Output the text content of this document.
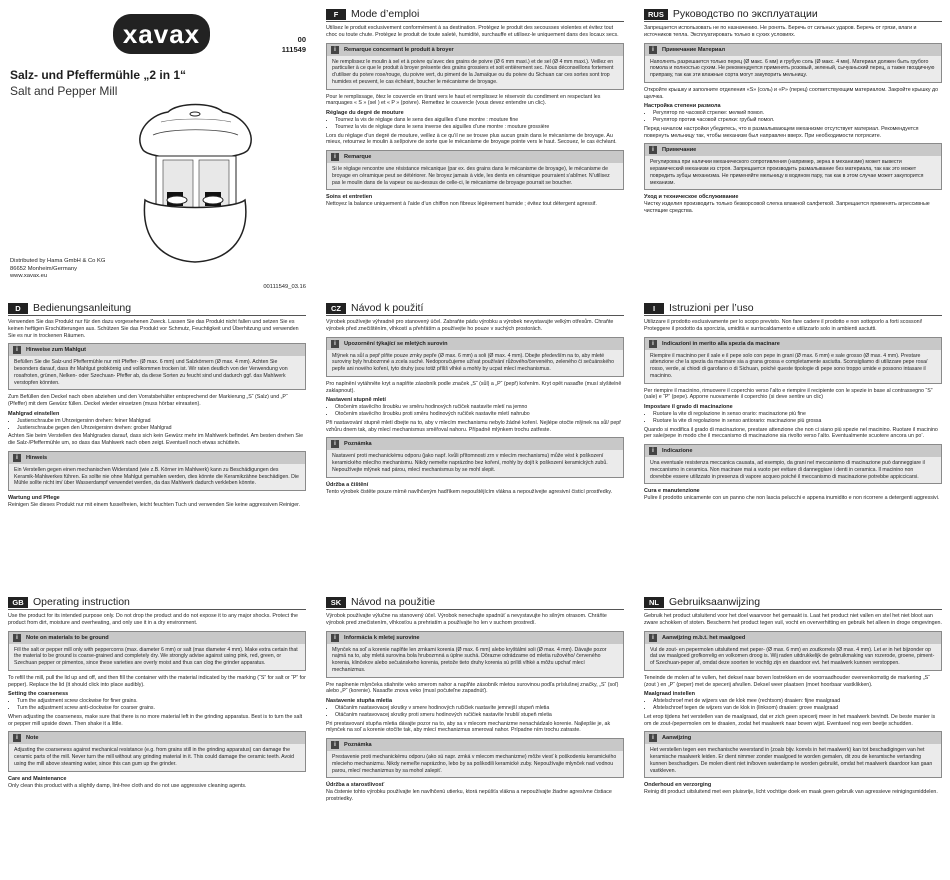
xavax	00
111549
Salz- und Pfeffermühle „2 in 1“
Salt and Pepper Mill
Distributed by Hama GmbH & Co KG
86652 Monheim/Germany
www.xavax.eu
00111549_03.16
F	Mode d’emploi

Utilisez le produit exclusivement conformément à sa destination. Protégez le produit des secousses violentes et évitez tout choc ou toute chute. Protégez le produit de toute saleté, humidité, surchauffe et utilisez-le uniquement dans des locaux secs.

i	Remarque concernant le produit à broyer
Ne remplissez le moulin à sel et à poivre qu’avec des grains de poivre (Ø 6 mm maxi.) et de sel (Ø 4 mm maxi.). Veillez en particulier à ce que le produit à broyer présente des grains grossiers et soit entièrement sec. Nous déconseillons fortement d’utiliser du poivre rose/rouge, du poivre vert, du piment de la Jamaïque ou du poivre du Sichuan car ces sortes sont trop humides et peuvent, le cas échéant, boucher le mécanisme de broyage.

Pour le remplissage, ôtez le couvercle en tirant vers le haut et remplissez le réservoir du condiment en respectant les marquages « S » (sel ) et « P » (poivre). Remettez le couvercle (vous devez entendre un clic).

Réglage du degré de mouture
• Tournez la vis de réglage dans le sens des aiguilles d’une montre : mouture fine
• Tournez la vis de réglage dans le sens inverse des aiguilles d’une montre : mouture grossière

Lors du réglage d’un degré de mouture, veillez à ce qu’il ne se trouve plus aucun grain dans le mécanisme de broyage. Au mieux, retournez le moulin à sel/poivre de sorte que le mécanisme de broyage pointe vers le haut. Secouez, le cas échéant.

i	Remarque
Si le réglage rencontre une résistance mécanique (par ex. des grains dans le mécanisme de broyage), le mécanisme de broyage en céramique peut se détériorer. Ne broyez jamais à vide, les dents en céramique pourraient s’abîmer. N’utilisez pas le moulin dans de la vapeur ou au-dessus de celle-ci, le mécanisme de broyage pourrait se boucher.
Soins et entretien

Nettoyez la balance uniquement à l’aide d’un chiffon non fibreux légèrement humide ; évitez tout détergent agressif.

RUS Руководство по эксплуатации

Запрещается использовать не по назначению. Не ронять. Беречь от сильных ударов. Беречь от грязи, влаги и источников тепла. Эксплуатировать только в сухих условиях.

i	Примечание Материал
Наполнять разрешается только перец (Ø макс. 6 мм) и грубую соль (Ø макс. 4 мм). Материал должен быть грубого помола и полностью сухим. Не рекомендуется применять розовый, зеленый, сычуаньский перец, а также гвоздичную приправу, так как эти влажные сорта могут закупорить мельницу.

Откройте крышку и заполните отделения «S» (соль) и «P» (перец) соответствующим материалом. Закройте крышку до щелчка.

Настройка степени размола
• Регулятор по часовой стрелке: мелкий помол.
• Регулятор против часовой стрелки: грубый помол.

Перед началом настройки убедитесь, что в размалывающем механизме отсутствует материал. Рекомендуется повернуть мельницу так, чтобы механизм был направлен вверх. При необходимости потрясите.

i	Примечание
Регулировка при наличии механического сопротивления (например, зерна в механизме) может вывести керамический механизм из строя. Запрещается производить размалывание без материала, так как это может повредить зубцы механизма. Не применяйте мельницу в водяном пару, так как в этом случае может закупорится механизм.
Уход и техническое обслуживание

Чистку изделия производить только безворсовой слегка влажной салфеткой. Запрещается применять агрессивные чистящие средства.

D	Bedienungsanleitung

Verwenden Sie das Produkt nur für den dazu vorgesehenen Zweck. Lassen Sie das Produkt nicht fallen und setzen Sie es keinen heftigen Erschütterungen aus. Schützen Sie das Produkt vor Schmutz, Feuchtigkeit und Überhitzung und verwenden Sie es nur in trockenen Räumen.

i	Hinweise zum Mahlgut
Befüllen Sie die Salz-und Pfeffermühle nur mit Pfeffer- (Ø max. 6 mm) und Salzkörnern (Ø max. 4 mm). Achten Sie besonders darauf, dass ihr Mahlgut grobkörnig und vollkommen trocken ist. Wir raten deutlich von der Verwendung von rosafroten, grünen, Nelken- oder Szechuan- Pfeffer ab, da diese Sorten zu feucht sind und dadurch ggf. das Mahlwerk verstopfen könnten.

Zum Befüllen den Deckel nach oben abziehen und den Vorratsbehälter entsprechend der Markierung „S“ (Salz) und „P“ (Pfeffer) mit dem Gewürz füllen. Deckel wieder einsetzen (muss hörbar einrasten).

Mahlgrad einstellen
• Justierschraube im Uhrzeigersinn drehen: feiner Mahlgrad
• Justierschraube gegen den Uhrzeigersinn drehen: grober Mahlgrad

Achten Sie beim Verstellen des Mahlgrades darauf, dass sich kein Gewürz mehr im Mahlwerk befindet. Am besten drehen Sie die Salz-/Pfeffermühle um, so dass das Mahlwerk nach oben zeigt. Eventuell noch etwas schütteln.

i	Hinweis
Ein Verstellen gegen einen mechanischen Widerstand (wie z.B. Körner im Mahlwerk) kann zu Beschädigungen des Keramik-Mahlwerkes führen. Es sollte nie ohne Mahlgut gemahlen werden, dies könnte die Keramikzähne beschädigen. Die Mühle sollte nicht im/ über Wasserdampf verwendet werden, da das Mahlwerk dadurch verkleben könnte.
Wartung und Pflege

Reinigen Sie dieses Produkt nur mit einem fusselfreien, leicht feuchten Tuch und verwenden Sie keine aggressiven Reiniger.

CZ Návod k použití

Výrobek používejte výhradně pro stanovený účel. Zabraňte pádu výrobku a výrobek nevystavujte velkým otřesům. Chraňte výrobek před znečištěním, vlhkostí a přehřátím a používejte ho pouze v suchých prostorách.

i	Upozornění týkající se mletých surovin
Mlýnek na sůl a pepř plňte pouze zrnky pepře (Ø max. 6 mm) a soli (Ø max. 4 mm). Dbejte především na to, aby mleté suroviny byly hrubozrnné a zcela suché. Nedoporučujeme užívat používání růžového/červeného, zeleného či sečuánského pepře ani nového koření, tyto druhy jsou totiž příliš vlhké a mohly by ucpat mlecí mechanismus.

Pro naplnění vytáhněte kryt a naplňte zásobník podle značek „S“ (sůl) a „P“ (pepř) kořením. Kryt opět nasaďte (musí slyšitelně zaklapnout).

Nastavení stupně mletí
• Otočením stavěcího šroubku ve směru hodinových ručiček nastavíte mletí na jemno
• Otočením stavěcího šroubku proti směru hodinových ručiček nastavíte mletí nahrubo

Při nastavování stupně mletí dbejte na to, aby v mlecím mechanismu nebylo žádné koření. Nejlépe otočte mlýnek na sůl/ pepř vzhůru dnem tak, aby mlecí mechanismus směřoval nahoru. Případně mlýnkem trochu zatřeste.

i	Poznámka
Nastavení proti mechanickému odporu (jako např. kvůli přítomnosti zrn v mlecím mechanismu) může vést k poškození keramického mlecího mechanismu. Nikdy nemelte naprázdno bez koření, mohly by dojít k poškození keramických zubů. Nepoužívejte mlýnek nad párou, mlecí mechanismus by se mohl slepit.
Údržba a čištění

Tento výrobek čistěte pouze mírně navlhčeným hadříkem nepouštějícím vlákna a nepoužívejte agresivní čisticí prostředky.

I	Istruzioni per l’uso

Utilizzare il prodotto esclusivamente per lo scopo previsto. Non fare cadere il prodotto e non sottoporlo a forti scossoni! Proteggere il prodotto da sporcizia, umidità e surriscaldamento e utilizzarlo solo in ambienti asciutti.

i	Indicazioni in merito alla spezia da macinare
Riempire il macinino per il sale e il pepe solo con pepe in grani (Ø max. 6 mm) e sale grosso (Ø max. 4 mm). Prestare attenzione che la spezia da macinare sia a grana grossa e completamente asciutta. Sconsigliamo di utilizzare pepe rosa/ rosso, verde, ai chiodi di garofano o di Sichuan, poiché queste tipologie di pepe sono troppo umide e possono intasare il macinino.

Per riempire il macinino, rimuovere il coperchio verso l’alto e riempire il recipiente con le spezie in base al contrassegno “S” (sale) e “P” (pepe). Apporre nuovamente il coperchio (si deve sentire un clic)

Impostare il grado di macinazione
• Ruotare la vite di regolazione in senso orario: macinazione più fine
• Ruotare la vite di regolazione in senso antiorario: macinazione più grossa

Quando si modifica il grado di macinazione, prestare attenzione che non ci siano più spezie nel macinino. Ruotare il macinino per sale/pepe in modo che il meccanismo di macinazione sia rivolto verso l’alto. Eventualmente scuotere ancora un po’.

i	Indicazione
Una eventuale resistenza meccanica causata, ad esempio, da grani nel meccanismo di macinazione può danneggiare il meccanismo in ceramica. Non macinare mai a vuoto per evitare di danneggiare i denti in ceramica. Il macinino non dovrebbe essere utilizzato in presenza di vapore acqueo poiché il meccanismo di macinazione potrebbe appiccicarsi.
Cura e manutenzione

Pulire il prodotto unicamente con un panno che non lasciа pelucchi e appena inumidito e non ricorrere a detergenti aggressivi.

GB Operating instruction

Use the product for its intended purpose only. Do not drop the product and do not expose it to any major shocks. Protect the product from dirt, moisture and overheating, and only use it in a dry environment.

i	Note on materials to be ground
Fill the salt or pepper mill only with peppercorns (max. diameter 6 mm) or salt (max diameter 4 mm). Make extra certain that the material to be ground is coarse-grained and completely dry. We strongly advise against using pink, red, green, or Szechuan pepper or pimentos, since these varieties are overly moist and thus can clog the grinder apparatus.

To refill the mill, pull the lid up and off, and then fill the container with the material indicated by the marking (“S” for salt or “P” for pepper). Replace the lid (it should click into place audibly).

Setting the coarseness
• Turn the adjustment screw clockwise for finer grains.
• Turn the adjustment screw anti-clockwise for coarser grains.

When adjusting the coarseness, make sure that there is no more material left in the grinding apparatus. Best is to turn the salt or pepper mill upside down. Then shake it a little.

i	Note
Adjusting the coarseness against mechanical resistance (e.g. from grains still in the grinding apparatus) can damage the ceramic parts of the mill. Never turn the mill without any grinding material in it. This could damage the ceramic teeth. Avoid using the mill above steaming water, since this can gum up the grinder.
Care and Maintenance

Only clean this product with a slightly damp, lint-free cloth and do not use aggressive cleaning agents.

SK Návod na použitie

Výrobok používajte výlučne na stanovený účel. Výrobok nenechajte spadnúť a nevystavujte ho silným otrasom. Chráňte výrobok pred znečistením, vlhkosťou a prehriatím a používajte ho len v suchom prostredí.

i	Informácia k mletej surovine
Mlynček na soľ a korenie naplňte len zrnkami korenia (Ø max. 6 mm) alebo kryštálmi soli (Ø max. 4 mm). Dávajte pozor najmä na to, aby mletá surovina bola hrubozrnná a úplne suchá. Dôrazne odrádzame od mletia ružového/ červeného korenia, klinčekov alebo sečuánskeho korenia, pretože tieto druhy korenia sú príliš vlhké a môžu upchať mlecí mechanizmus.

Pre naplnenie mlynčeka stiahnite veko smerom nahor a naplňte zásobník mletou surovinou podľa príslušnej značky, „S“ (soľ) alebo „P“ (korenie). Nasaďte znova veko (musí počuteľne zapadnúť).

Nastavenie stupňa mletia
• Otáčaním nastavovacej skrutky v smere hodinových ručičiek nastavíte jemnejší stupeň mletia
• Otáčaním nastavovacej skrutky proti smeru hodinových ručičiek nastavíte hrubší stupeň mletia

Pri prestavovaní stupňa mletia dávajte pozor na to, aby sa v mlecom mechanizme nenachádzalo korenie. Najlepšie je, ak mlynček na soľ a korenie otočíte tak, aby mlecí mechanizmus smeroval nahor. Prípadne ním trochu zatraste.

i	Poznámka
Prestavenie proti mechanickému odporu (ako sú napr. zrnká v mlecom mechanizme) môže viesť k poškodeniu keramického mlecieho mechanizmu. Nikdy nemeľte naprázdno, lebo by sa poškodili keramické zuby. Nepoužívajte mlynček nad vodnou parou, mlecí mechanizmus by sa mohol zalepiť.
Údržba a starostlivosť

Na čistenie tohto výrobku používajte len navlhčenú utierku, ktorá nepúšťa vlákna a nepoužívajte žiadne agresívne čistiace prostriedky.

NL Gebruiksaanwijzing

Gebruik het product uitsluitend voor het doel waarvoor het gemaakt is. Laat het product niet vallen en stel het niet bloot aan zware schokken of stoten. Bescherm het product tegen vuil, vocht en oververhitting en gebruik het alleen in droge omgevingen.

i	Aanwijzing m.b.t. het maalgoed
Vul de zout- en pepermolen uitsluitend met peper- (Ø max. 6 mm) en zoutkorrels (Ø max. 4 mm). Let er in het bijzonder op dat uw maalgoed grofkorrelig en volkomen droog is. Wij raden uitdrukkelijk de gebruikmaking van rozerode, groene, piment- of Szechuan-peper af, omdat deze soorten te vochtig zijn en daardoor evt. het maalwerk kunnen verstoppen.

Teneinde de molen af te vullen, het deksel naar boven lostrekken en de voorraadhouder overeenkomstig de markering „S“ (zout ) en „P“ (peper) met de specerij afvullen. Deksel weer plaatsen (moet hoorbaar vastklikken).

Maalgraad instellen
• Afstelschroef met de wijzers van de klok mee (rechtsom) draaien: fijne maalgraad
• Afstelschroef tegen de wijzers van de klok in (linksom) draaien: grove maalgraad

Let erop tijdens het verstellen van de maalgraad, dat er zich geen specerij meer in het maalwerk bevindt. De beste manier is om de zout-/pepermolen om te draaien, zodat het maalwerk naar boven wijst. Eventueel nog een beetje schudden.

i	Aanwijzing
Het verstellen tegen een mechanische weerstand in (zoals bijv. korrels in het maalwerk) kan tot beschadigingen van het keramische maalwerk leiden. Er dient nimmer zonder maalgoed te worden gemalen, dit zou de keramische vertanding kunnen beschadigen. De molen dient niet in/boven waterdamp te worden gebruikt, omdat het maalwerk daardoor kan gaan vastkleven.
Onderhoud en verzorging

Reinig dit product uitsluitend met een pluisvrije, licht vochtige doek en maak geen gebruik van agressieve reinigingsmiddelen.
